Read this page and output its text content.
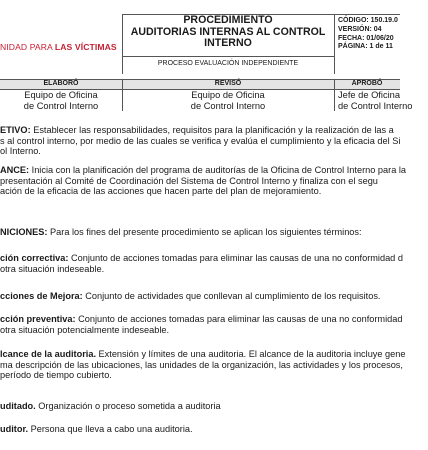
NIDAD PARA LAS VÍCTIMAS
PROCEDIMIENTO
AUDITORIAS INTERNAS AL CONTROL
INTERNO
PROCESO EVALUACIÓN INDEPENDIENTE
CÓDIGO: 150.19.0
VERSIÓN: 04
FECHA: 01/06/20
PÁGINA: 1 de 11
ELABORÓ	REVISÓ	APROBÓ
Equipo de Oficina
de Control Interno
Equipo de Oficina
de Control Interno
Jefe de Oficina
de Control Interno
ETIVO: Establecer las responsabilidades, requisitos para la planificación y la realización de las a
s al control interno, por medio de las cuales se verifica y evalúa el cumplimiento y la eficacia del Si
ol Interno.
ANCE: Inicia con la planificación del programa de auditorías de la Oficina de Control Interno para la
presentación al Comité de Coordinación del Sistema de Control Interno y finaliza con el segu
ación de la eficacia de las acciones que hacen parte del plan de mejoramiento.
NICIONES: Para los fines del presente procedimiento se aplican los siguientes términos:
ción correctiva: Conjunto de acciones tomadas para eliminar las causas de una no conformidad d
otra situación indeseable.
cciones de Mejora: Conjunto de actividades que conllevan al cumplimiento de los requisitos.
cción preventiva: Conjunto de acciones tomadas para eliminar las causas de una no conformidad
otra situación potencialmente indeseable.
lcance de la auditoria. Extensión y límites de una auditoria. El alcance de la auditoria incluye gene
ma descripción de las ubicaciones, las unidades de la organización, las actividades y los procesos,
período de tiempo cubierto.
uditado. Organización o proceso sometida a auditoria
uditor. Persona que lleva a cabo una auditoria.
